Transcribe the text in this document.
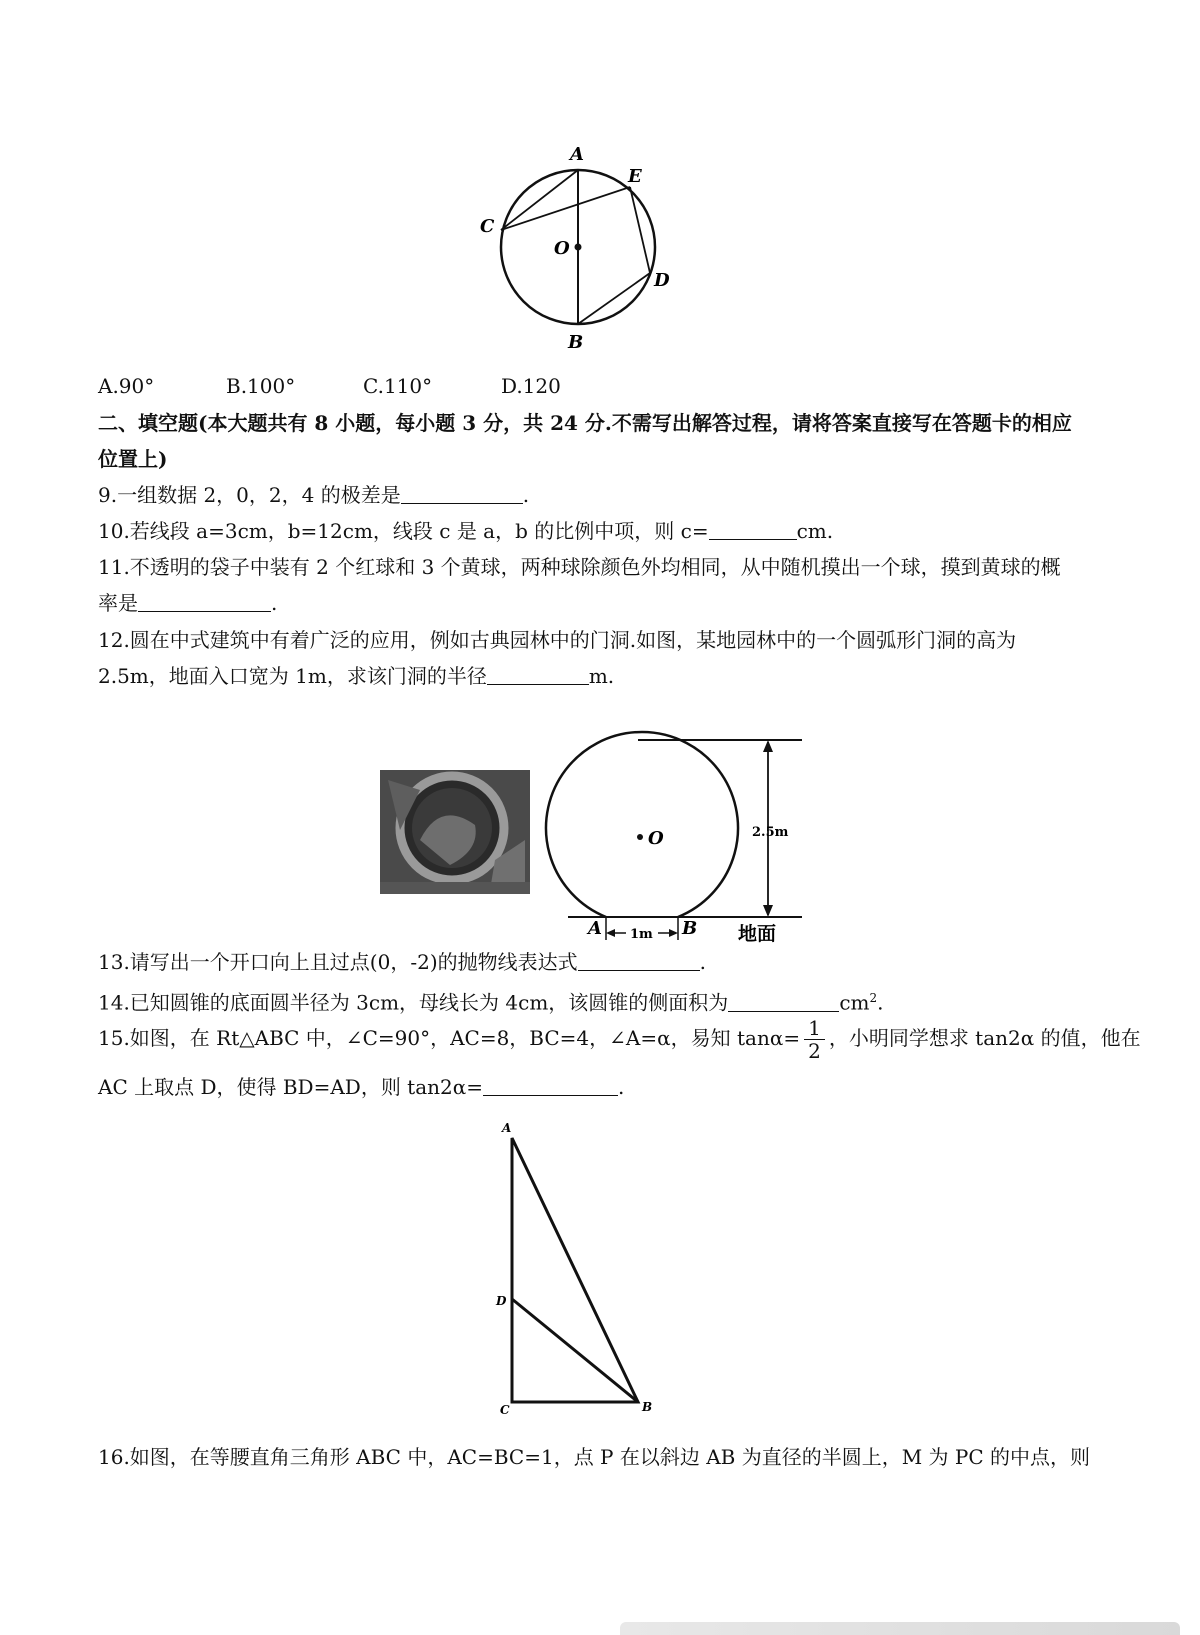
A
E
C
O
D
B
A.90°	B.100°	C.110°	D.120
二、填空题(本大题共有 8 小题，每小题 3 分，共 24 分.不需写出解答过程，请将答案直接写在答题卡的相应
位置上)
9.一组数据 2，0，2，4 的极差是	.
10.若线段 a=3cm，b=12cm，线段 c 是 a，b 的比例中项，则 c=	cm.
11.不透明的袋子中装有 2 个红球和 3 个黄球，两种球除颜色外均相同，从中随机摸出一个球，摸到黄球的概
率是	.
12.圆在中式建筑中有着广泛的应用，例如古典园林中的门洞.如图，某地园林中的一个圆弧形门洞的高为
2.5m，地面入口宽为 1m，求该门洞的半径	m.
O	2.5m
1m
A	B 地面
13.请写出一个开口向上且过点(0，-2)的抛物线表达式	.
14.已知圆锥的底面圆半径为 3cm，母线长为 4cm，该圆锥的侧面积为	$cm^2$.
15.如图，在 Rt△ABC 中，∠C=90°，AC=8，BC=4，∠A=α，易知 $\tan\alpha= \frac{1}{2}$ ，小明同学想求 tan2α 的值，他在
AC 上取点 D，使得 BD=AD，则 tan2α=	.
A
D
C	B
16.如图，在等腰直角三角形 ABC 中，AC=BC=1，点 P 在以斜边 AB 为直径的半圆上，M 为 PC 的中点，则
